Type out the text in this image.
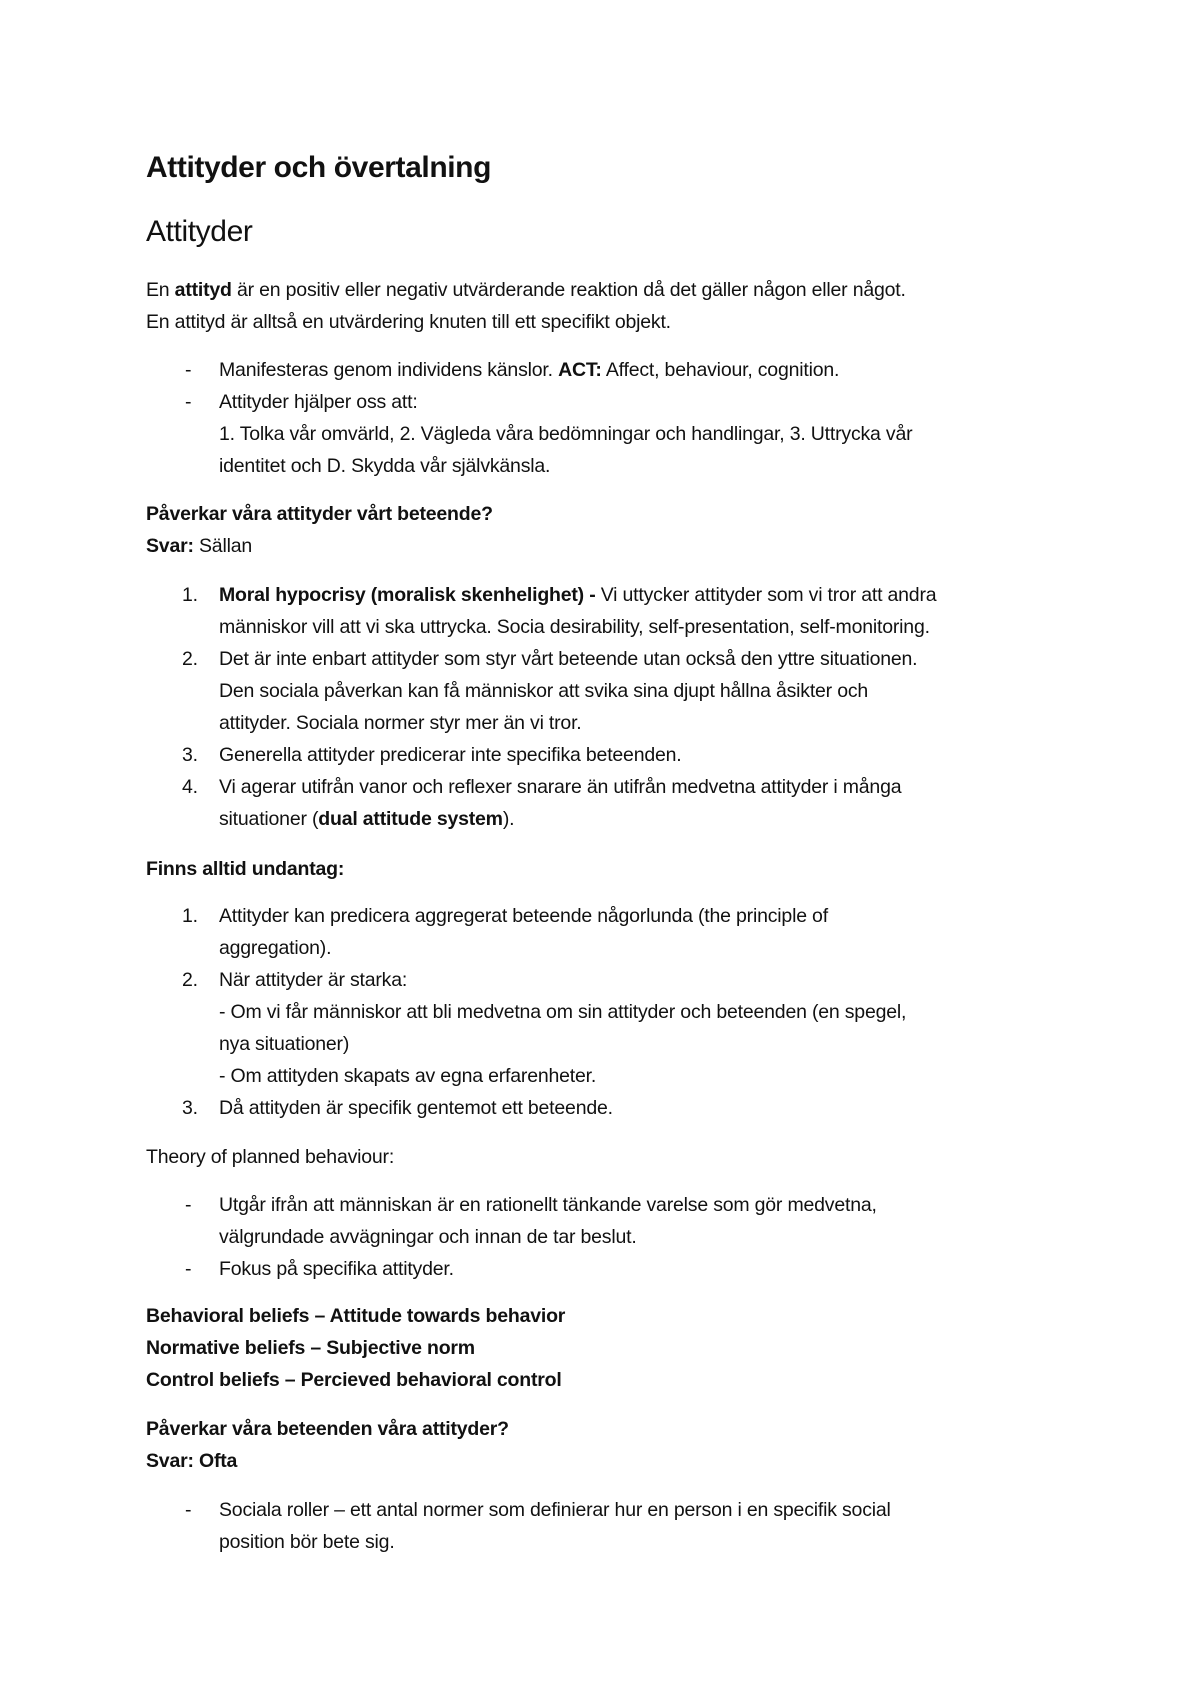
Attityder och övertalning
Attityder
En attityd är en positiv eller negativ utvärderande reaktion då det gäller någon eller något.
En attityd är alltså en utvärdering knuten till ett specifikt objekt.
- Manifesteras genom individens känslor. ACT: Affect, behaviour, cognition.
- Attityder hjälper oss att:
1. Tolka vår omvärld, 2. Vägleda våra bedömningar och handlingar, 3. Uttrycka vår
identitet och D. Skydda vår självkänsla.
Påverkar våra attityder vårt beteende?
Svar: Sällan
1. Moral hypocrisy (moralisk skenhelighet) - Vi uttycker attityder som vi tror att andra
människor vill att vi ska uttrycka. Socia desirability, self-presentation, self-monitoring.
2. Det är inte enbart attityder som styr vårt beteende utan också den yttre situationen.
Den sociala påverkan kan få människor att svika sina djupt hållna åsikter och
attityder. Sociala normer styr mer än vi tror.
3. Generella attityder predicerar inte specifika beteenden.
4. Vi agerar utifrån vanor och reflexer snarare än utifrån medvetna attityder i många
situationer (dual attitude system).
Finns alltid undantag:
1. Attityder kan predicera aggregerat beteende någorlunda (the principle of
aggregation).
2. När attityder är starka:
- Om vi får människor att bli medvetna om sin attityder och beteenden (en spegel,
nya situationer)
- Om attityden skapats av egna erfarenheter.
3. Då attityden är specifik gentemot ett beteende.
Theory of planned behaviour:
- Utgår ifrån att människan är en rationellt tänkande varelse som gör medvetna,
välgrundade avvägningar och innan de tar beslut.
- Fokus på specifika attityder.
Behavioral beliefs – Attitude towards behavior
Normative beliefs – Subjective norm
Control beliefs – Percieved behavioral control
Påverkar våra beteenden våra attityder?
Svar: Ofta
- Sociala roller – ett antal normer som definierar hur en person i en specifik social
position bör bete sig.
